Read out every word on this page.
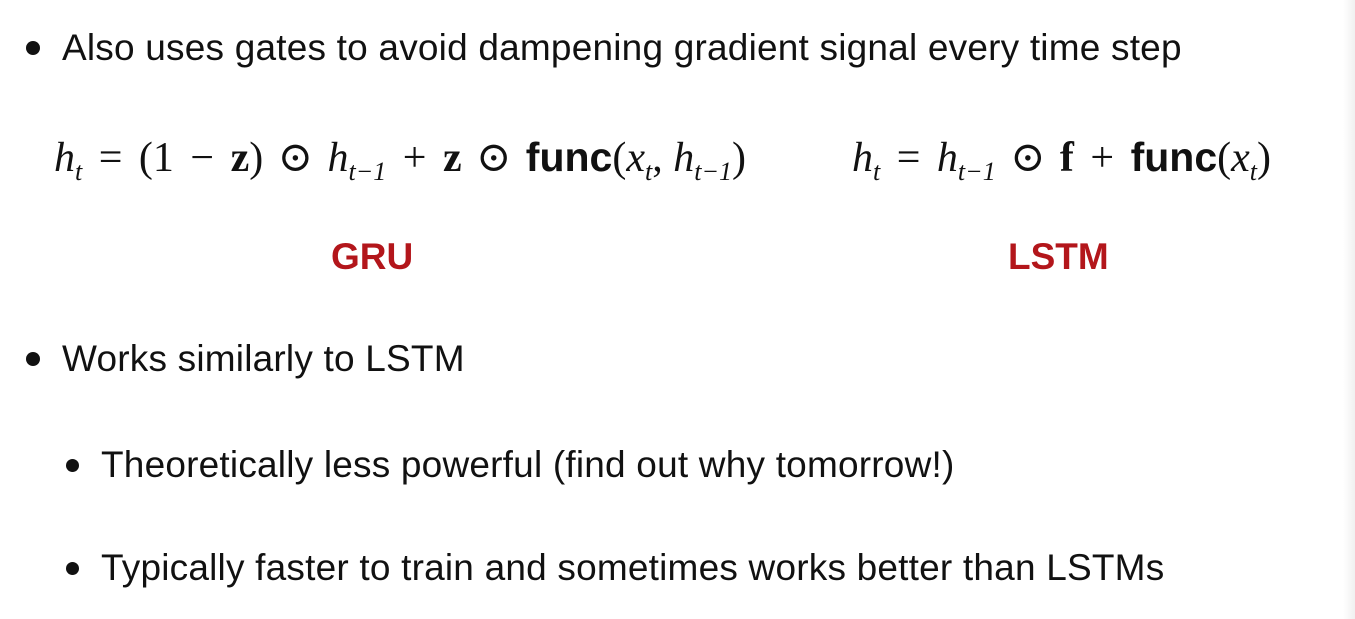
Also uses gates to avoid dampening gradient signal every time step
$h_t = (1 - z)$ ⊙ $h_{t-1} + z$ ⊙ $func(x_t$, $h_{t-1}$)	$h_t = h_{t-1}$ ⊙ $f + func(x_t)$
GRU	LSTM
Works similarly to LSTM
Theoretically less powerful (find out why tomorrow!)
Typically faster to train and sometimes works better than LSTMs
